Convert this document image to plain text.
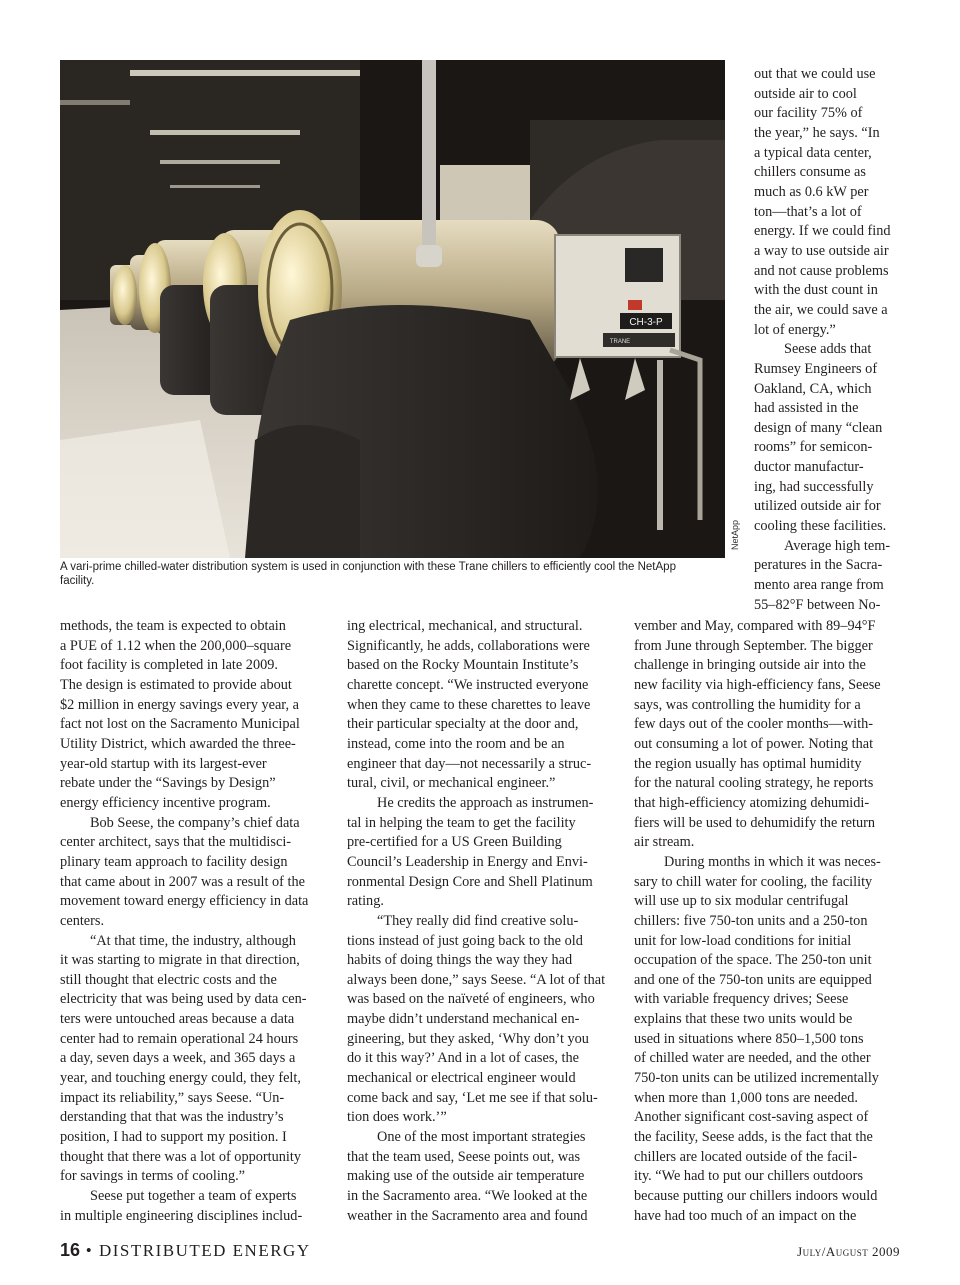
CH-3-P
TRANE
NetApp
A vari-prime chilled-water distribution system is used in conjunction with these Trane chillers to efficiently cool the NetApp facility.

out that we could use
outside air to cool
our facility 75% of
the year,” he says. “In
a typical data center,
chillers consume as
much as 0.6 kW per
ton—that’s a lot of
energy. If we could find
a way to use outside air
and not cause problems
with the dust count in
the air, we could save a
lot of energy.”

Seese adds that
Rumsey Engineers of
Oakland, CA, which
had assisted in the
design of many “clean
rooms” for semicon-
ductor manufactur-
ing, had successfully
utilized outside air for
cooling these facilities.

Average high tem-
peratures in the Sacra-
mento area range from
55–82°F between No-

methods, the team is expected to obtain
a PUE of 1.12 when the 200,000–square
foot facility is completed in late 2009.
The design is estimated to provide about
$2 million in energy savings every year, a
fact not lost on the Sacramento Municipal
Utility District, which awarded the three-
year-old startup with its largest-ever
rebate under the “Savings by Design”
energy efficiency incentive program.

Bob Seese, the company’s chief data
center architect, says that the multidisci-
plinary team approach to facility design
that came about in 2007 was a result of the
movement toward energy efficiency in data
centers.

“At that time, the industry, although
it was starting to migrate in that direction,
still thought that electric costs and the
electricity that was being used by data cen-
ters were untouched areas because a data
center had to remain operational 24 hours
a day, seven days a week, and 365 days a
year, and touching energy could, they felt,
impact its reliability,” says Seese. “Un-
derstanding that that was the industry’s
position, I had to support my position. I
thought that there was a lot of opportunity
for savings in terms of cooling.”

Seese put together a team of experts
in multiple engineering disciplines includ-

ing electrical, mechanical, and structural.
Significantly, he adds, collaborations were
based on the Rocky Mountain Institute’s
charette concept. “We instructed everyone
when they came to these charettes to leave
their particular specialty at the door and,
instead, come into the room and be an
engineer that day—not necessarily a struc-
tural, civil, or mechanical engineer.”

He credits the approach as instrumen-
tal in helping the team to get the facility
pre-certified for a US Green Building
Council’s Leadership in Energy and Envi-
ronmental Design Core and Shell Platinum
rating.

“They really did find creative solu-
tions instead of just going back to the old
habits of doing things the way they had
always been done,” says Seese. “A lot of that
was based on the naïveté of engineers, who
maybe didn’t understand mechanical en-
gineering, but they asked, ‘Why don’t you
do it this way?’ And in a lot of cases, the
mechanical or electrical engineer would
come back and say, ‘Let me see if that solu-
tion does work.’”

One of the most important strategies
that the team used, Seese points out, was
making use of the outside air temperature
in the Sacramento area. “We looked at the
weather in the Sacramento area and found

vember and May, compared with 89–94°F
from June through September. The bigger
challenge in bringing outside air into the
new facility via high-efficiency fans, Seese
says, was controlling the humidity for a
few days out of the cooler months—with-
out consuming a lot of power. Noting that
the region usually has optimal humidity
for the natural cooling strategy, he reports
that high-efficiency atomizing dehumidi-
fiers will be used to dehumidify the return
air stream.

During months in which it was neces-
sary to chill water for cooling, the facility
will use up to six modular centrifugal
chillers: five 750-ton units and a 250-ton
unit for low-load conditions for initial
occupation of the space. The 250-ton unit
and one of the 750-ton units are equipped
with variable frequency drives; Seese
explains that these two units would be
used in situations where 850–1,500 tons
of chilled water are needed, and the other
750-ton units can be utilized incrementally
when more than 1,000 tons are needed.
Another significant cost-saving aspect of
the facility, Seese adds, is the fact that the
chillers are located outside of the facil-
ity. “We had to put our chillers outdoors
because putting our chillers indoors would
have had too much of an impact on the

16 • DISTRIBUTED ENERGY	July/August 2009
